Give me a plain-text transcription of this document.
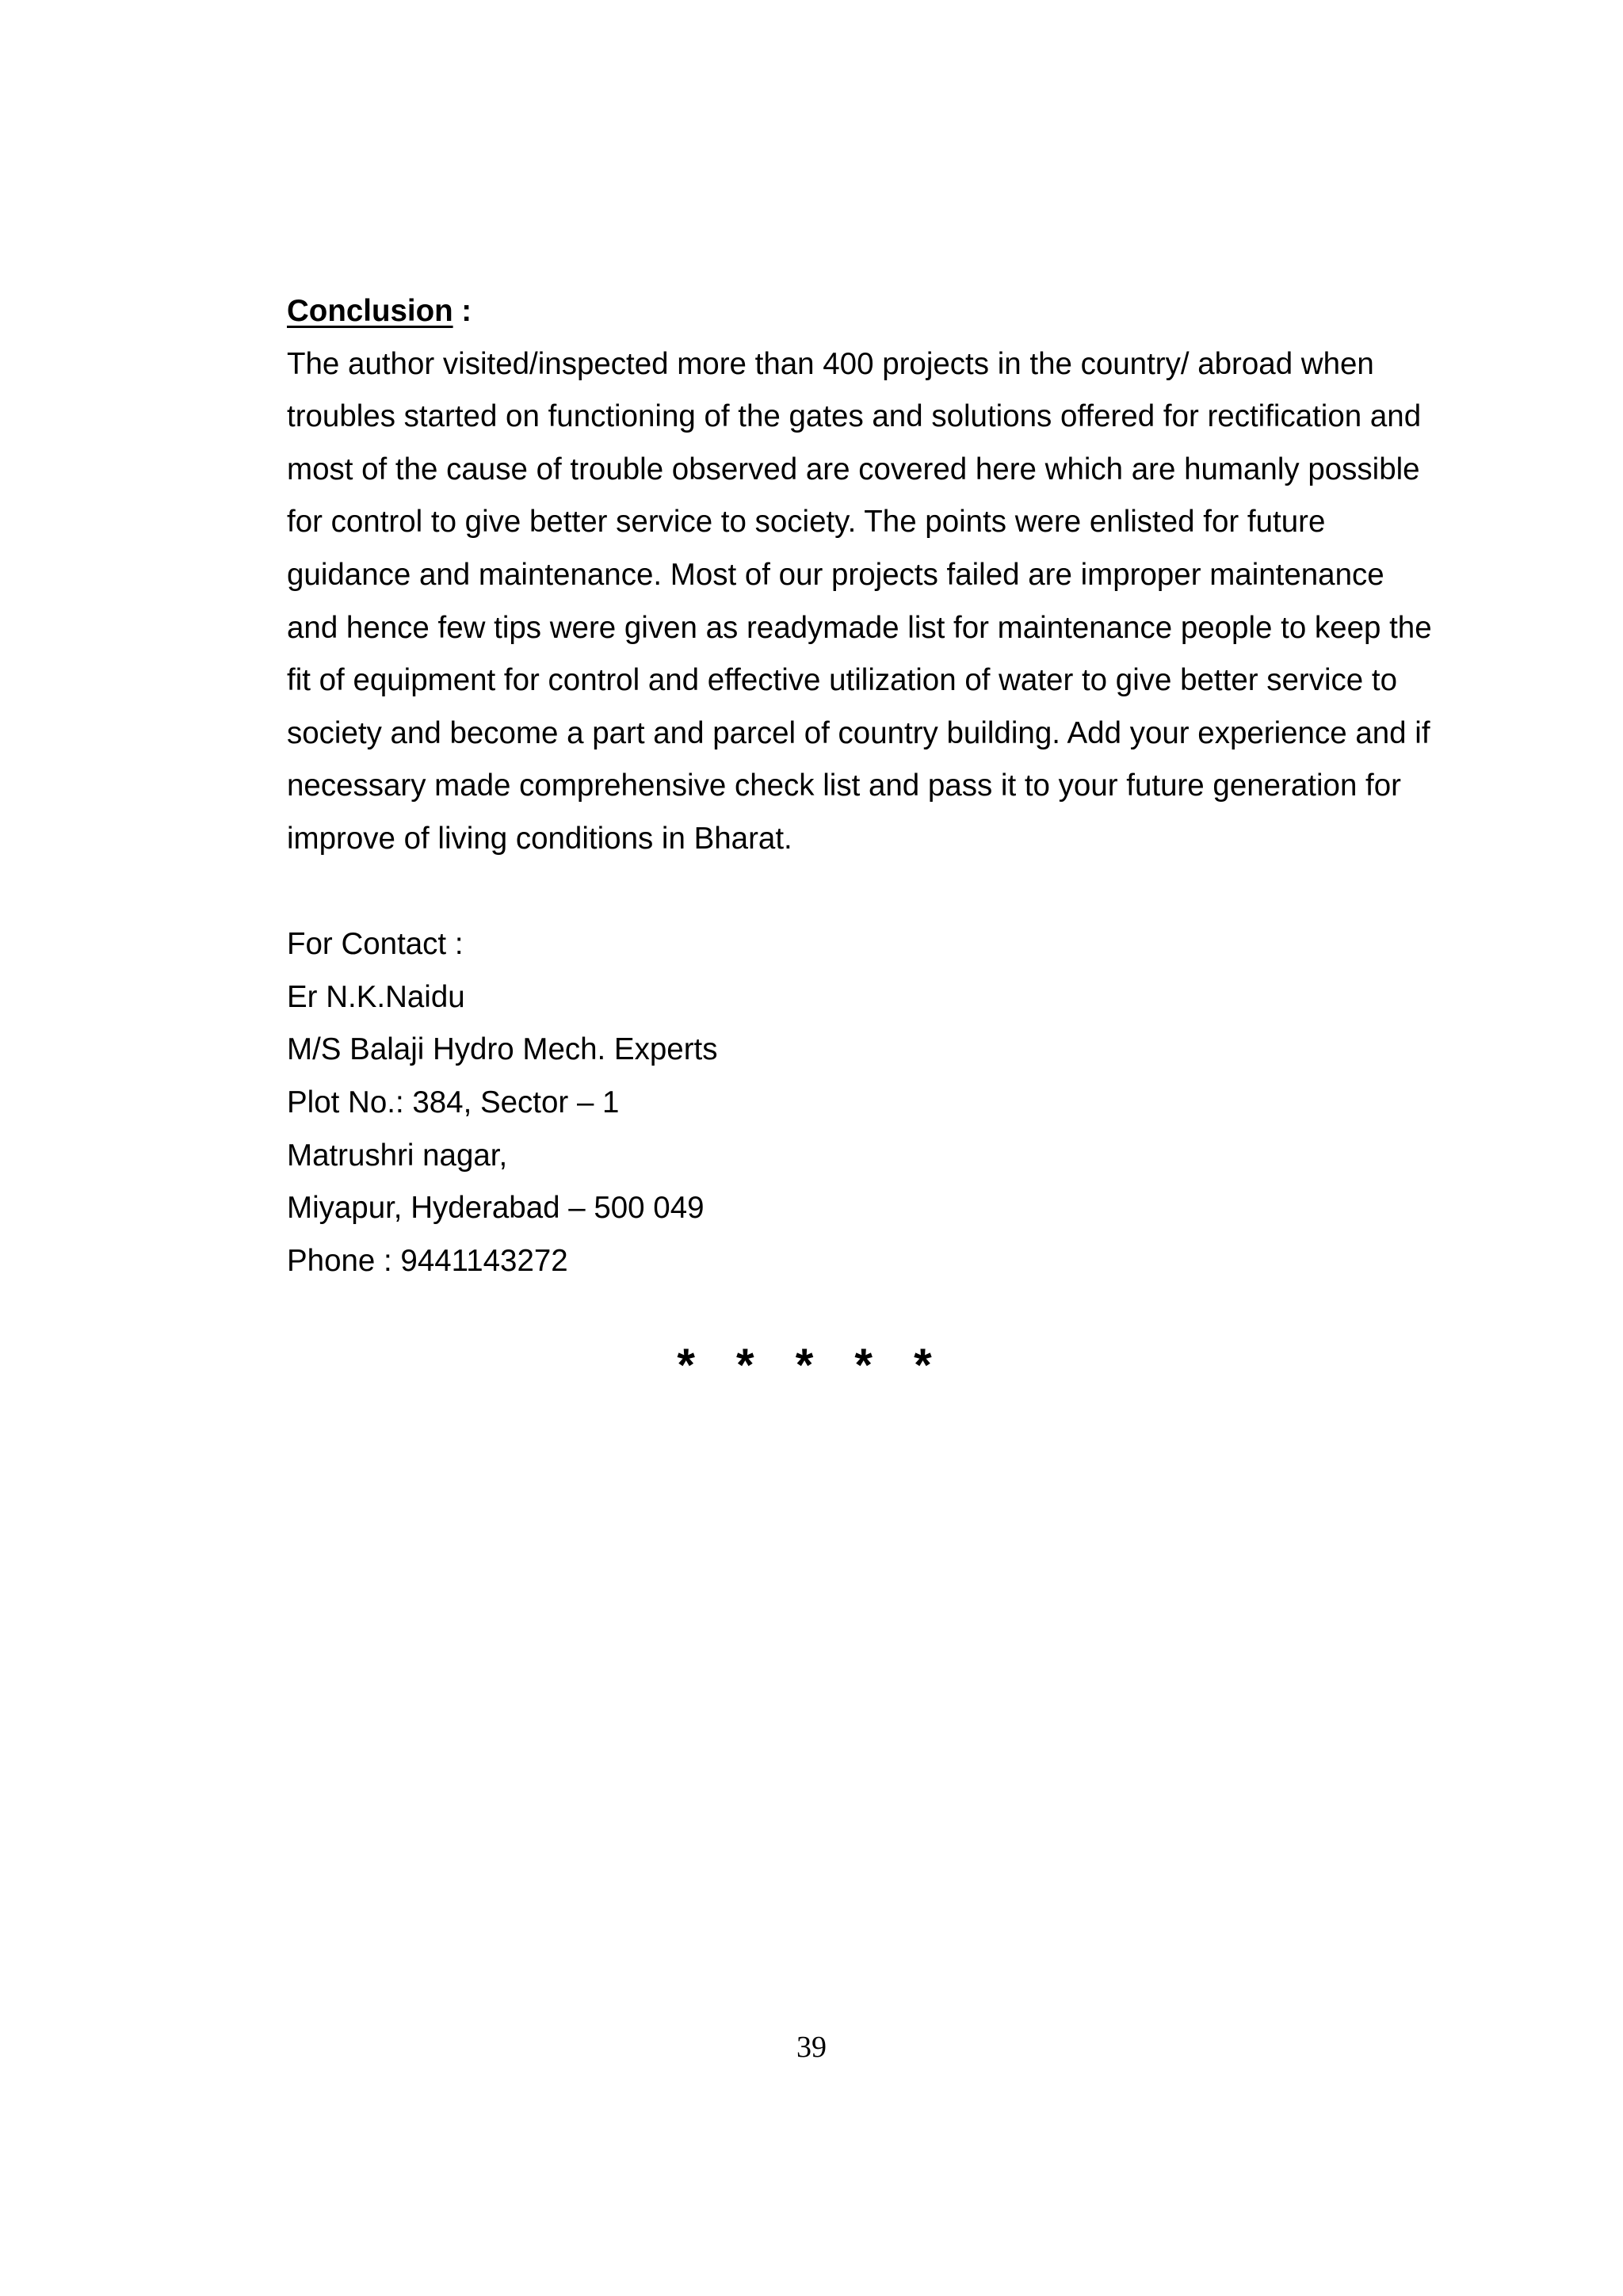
Conclusion :

The author visited/inspected more than 400 projects in the country/ abroad when

troubles started on functioning of the gates and solutions offered for rectification and

most of the cause of trouble observed are covered here which are humanly possible

for control to give better service to society. The points were enlisted for future

guidance and maintenance. Most of our projects failed are improper maintenance

and hence few tips were given as readymade list for maintenance people to keep the

fit of equipment for control and effective utilization of water to give better service to

society and become a part and parcel of country building. Add your experience and if

necessary made comprehensive check list and pass it to your future generation for

improve of living conditions in Bharat.

For Contact :

Er N.K.Naidu

M/S Balaji Hydro Mech. Experts

Plot No.: 384, Sector – 1

Matrushri nagar,

Miyapur, Hyderabad – 500 049

Phone : 9441143272

* * * * *
39
